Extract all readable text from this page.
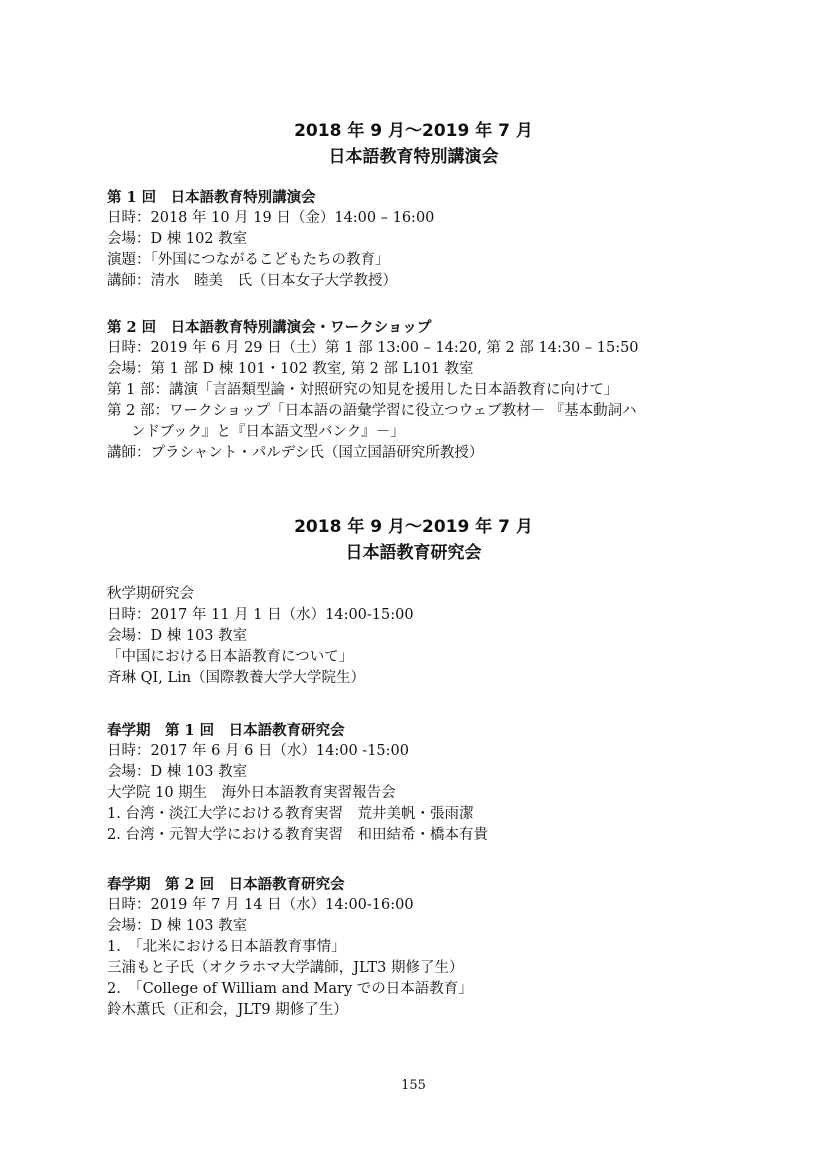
2018 年 9 月～2019 年 7 月
日本語教育特別講演会
第 1 回　日本語教育特別講演会
日時：2018 年 10 月 19 日（金）14:00 – 16:00
会場：D 棟 102 教室
演題：「外国につながるこどもたちの教育」
講師：清水　睦美　氏（日本女子大学教授）
第 2 回　日本語教育特別講演会・ワークショップ
日時：2019 年 6 月 29 日（土）第 1 部 13:00 – 14:20, 第 2 部 14:30 – 15:50
会場：第 1 部 D 棟 101・102 教室, 第 2 部 L101 教室
第 1 部：講演「言語類型論・対照研究の知見を援用した日本語教育に向けて」
第 2 部：ワークショップ「日本語の語彙学習に役立つウェブ教材－ 『基本動詞ハ
ンドブック』と『日本語文型バンク』－」
講師：プラシャント・パルデシ氏（国立国語研究所教授）
2018 年 9 月～2019 年 7 月
日本語教育研究会
秋学期研究会
日時：2017 年 11 月 1 日（水）14:00-15:00
会場：D 棟 103 教室
「中国における日本語教育について」
斉琳 QI, Lin（国際教養大学大学院生）
春学期　第 1 回　日本語教育研究会
日時：2017 年 6 月 6 日（水）14:00 -15:00
会場：D 棟 103 教室
大学院 10 期生　海外日本語教育実習報告会
1. 台湾・淡江大学における教育実習　荒井美帆・張雨潔
2. 台湾・元智大学における教育実習　和田結希・橋本有貴
春学期　第 2 回　日本語教育研究会
日時：2019 年 7 月 14 日（水）14:00-16:00
会場：D 棟 103 教室
1.　「北米における日本語教育事情」
三浦もと子氏（オクラホマ大学講師，JLT3 期修了生）
2.　「College of William and Mary での日本語教育」
鈴木薫氏（正和会，JLT9 期修了生）
155
